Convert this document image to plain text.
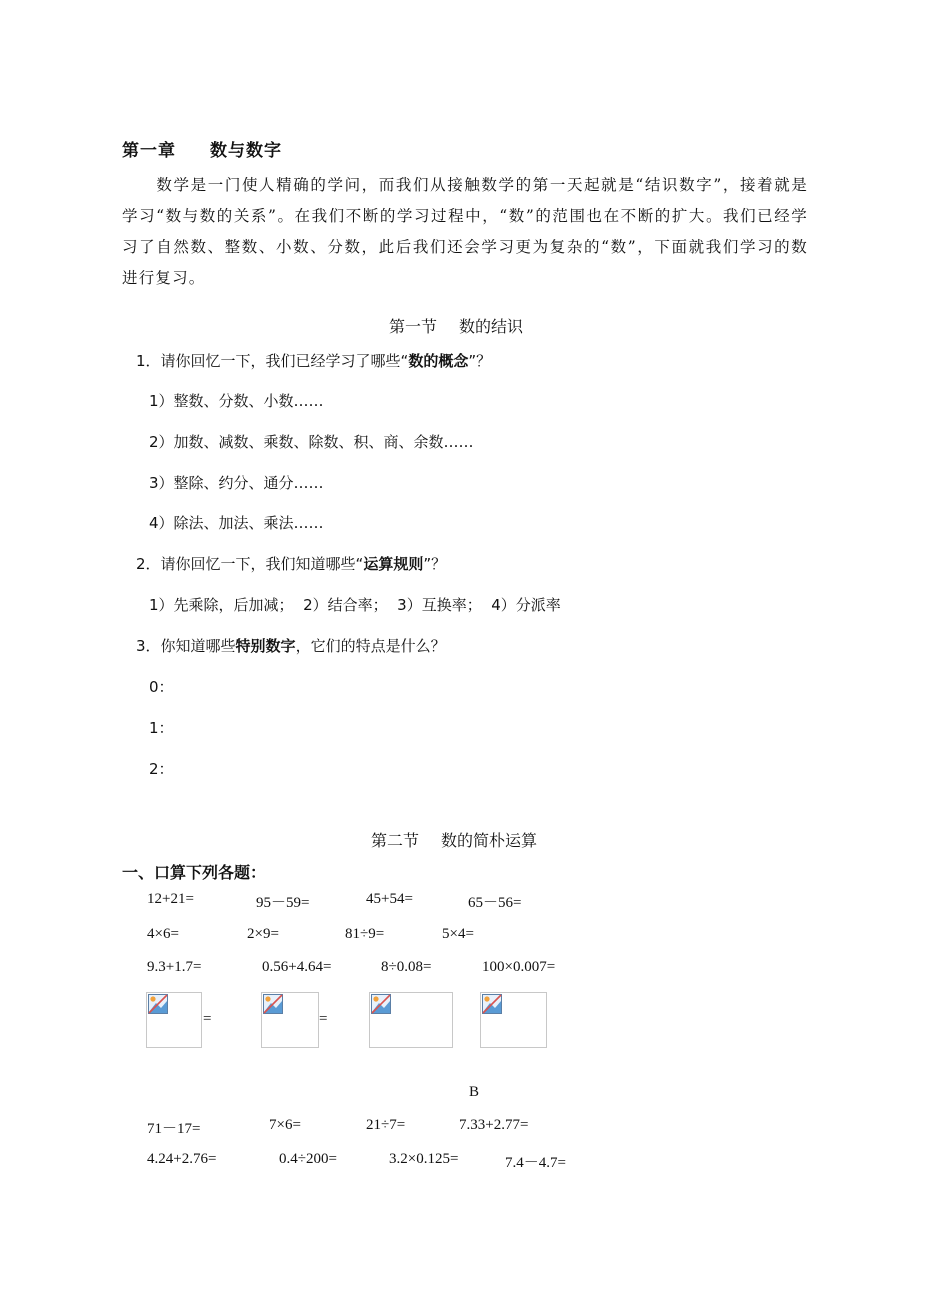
第一章 数与数字
数学是一门使人精确的学问，而我们从接触数学的第一天起就是“结识数字”，接着就是学习“数与数的关系”。在我们不断的学习过程中，“数”的范围也在不断的扩大。我们已经学习了自然数、整数、小数、分数，此后我们还会学习更为复杂的“数”，下面就我们学习的数进行复习。
第一节 数的结识
1．请你回忆一下，我们已经学习了哪些“数的概念”？
1）整数、分数、小数……
2）加数、减数、乘数、除数、积、商、余数……
3）整除、约分、通分……
4）除法、加法、乘法……
2．请你回忆一下，我们知道哪些“运算规则”？
1）先乘除，后加减；  2）结合率；  3）互换率；  4）分派率
3．你知道哪些特别数字，它们的特点是什么？
0：
1：
2：
第二节 数的简朴运算
一、口算下列各题：
12+21=	95－59=	45+54=	65－56=
4×6=	2×9=	81÷9=	5×4=
9.3+1.7=	0.56+4.64=	8÷0.08=	100×0.007=
=	=
B
71－17=	7×6=	21÷7=	7.33+2.77=
4.24+2.76=	0.4÷200=	3.2×0.125=	7.4－4.7=
